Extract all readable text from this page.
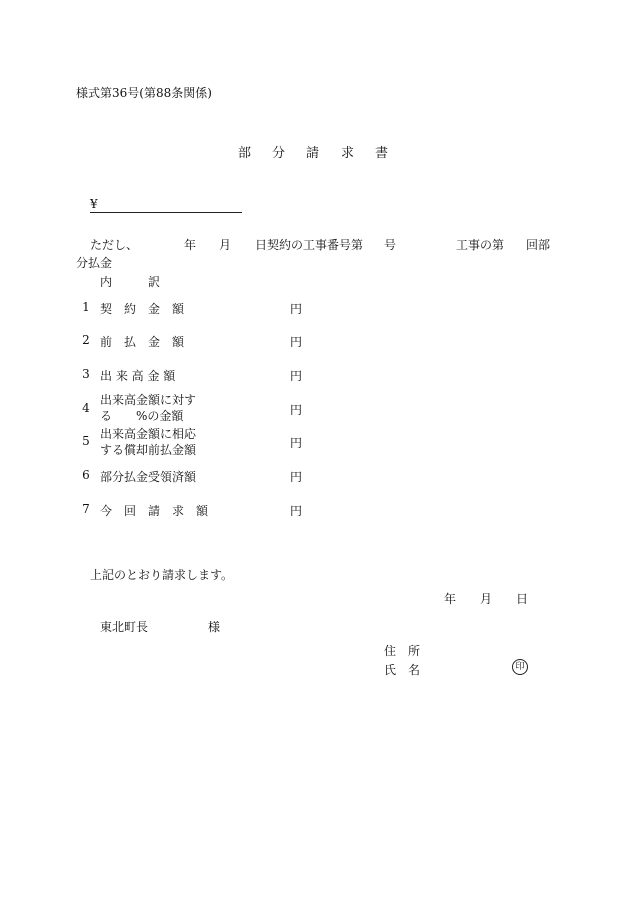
様式第36号(第88条関係)
部 分 請 求 書
¥
ただし、	年 月 日契約の工事番号第 号	工事の第 回部
分払金
内	訳
1 契　約　金　額	円
2 前　払　金　額	円
3 出 来 高 金 額	円
4
出来高金額に対す
る　　%の金額	円
5 出来高金額に相応
する償却前払金額	円
6 部分払金受領済額	円
7 今　回　請　求　額	円
上記のとおり請求します。
年 月 日
東北町長	様
住 所
氏 名	印
